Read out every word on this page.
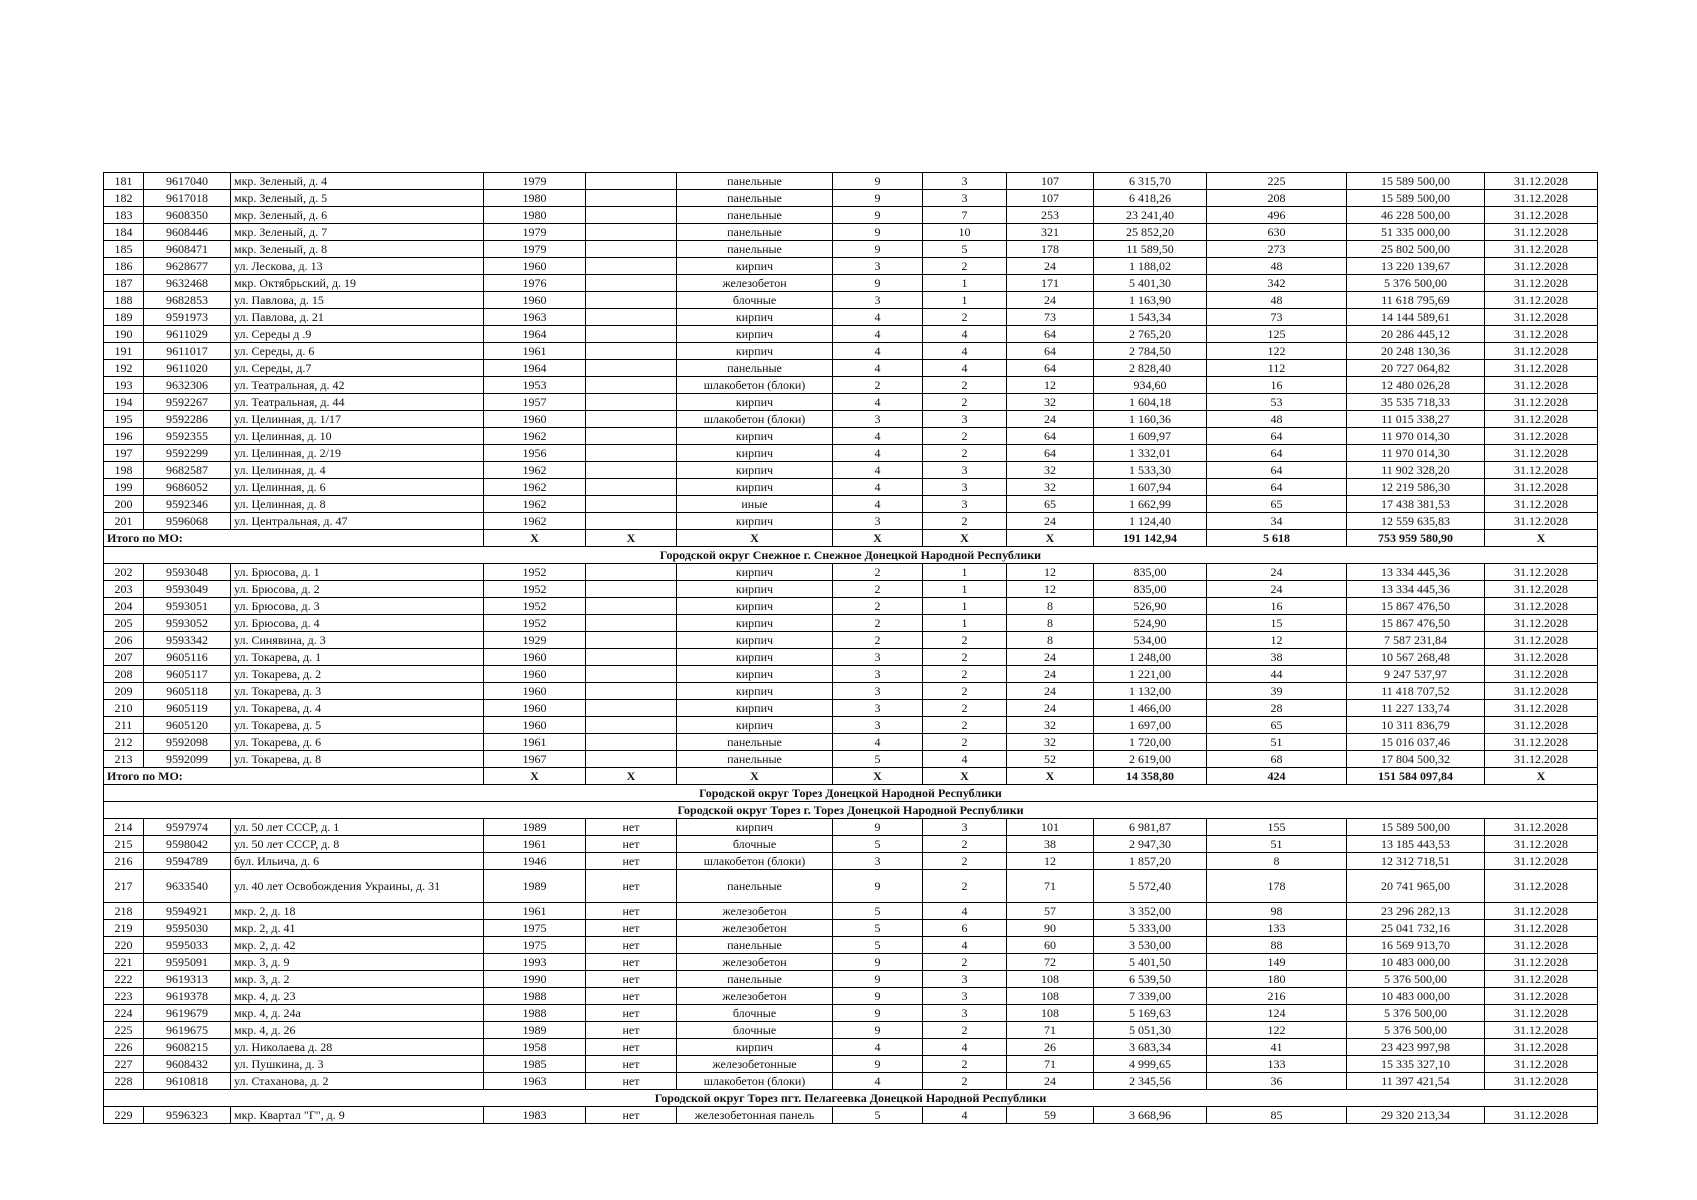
181	9617040	мкр. Зеленый, д. 4	1979		панельные	9	3	107	6 315,70	225	15 589 500,00	31.12.2028
182	9617018	мкр. Зеленый, д. 5	1980		панельные	9	3	107	6 418,26	208	15 589 500,00	31.12.2028
183	9608350	мкр. Зеленый, д. 6	1980		панельные	9	7	253	23 241,40	496	46 228 500,00	31.12.2028
184	9608446	мкр. Зеленый, д. 7	1979		панельные	9	10	321	25 852,20	630	51 335 000,00	31.12.2028
185	9608471	мкр. Зеленый, д. 8	1979		панельные	9	5	178	11 589,50	273	25 802 500,00	31.12.2028
186	9628677	ул. Лескова, д. 13	1960		кирпич	3	2	24	1 188,02	48	13 220 139,67	31.12.2028
187	9632468	мкр. Октябрьский, д. 19	1976		железобетон	9	1	171	5 401,30	342	5 376 500,00	31.12.2028
188	9682853	ул. Павлова, д. 15	1960		блочные	3	1	24	1 163,90	48	11 618 795,69	31.12.2028
189	9591973	ул. Павлова, д. 21	1963		кирпич	4	2	73	1 543,34	73	14 144 589,61	31.12.2028
190	9611029	ул. Середы д .9	1964		кирпич	4	4	64	2 765,20	125	20 286 445,12	31.12.2028
191	9611017	ул. Середы, д. 6	1961		кирпич	4	4	64	2 784,50	122	20 248 130,36	31.12.2028
192	9611020	ул. Середы, д.7	1964		панельные	4	4	64	2 828,40	112	20 727 064,82	31.12.2028
193	9632306	ул. Театральная, д. 42	1953		шлакобетон (блоки)	2	2	12	934,60	16	12 480 026,28	31.12.2028
194	9592267	ул. Театральная, д. 44	1957		кирпич	4	2	32	1 604,18	53	35 535 718,33	31.12.2028
195	9592286	ул. Целинная, д. 1/17	1960		шлакобетон (блоки)	3	3	24	1 160,36	48	11 015 338,27	31.12.2028
196	9592355	ул. Целинная, д. 10	1962		кирпич	4	2	64	1 609,97	64	11 970 014,30	31.12.2028
197	9592299	ул. Целинная, д. 2/19	1956		кирпич	4	2	64	1 332,01	64	11 970 014,30	31.12.2028
198	9682587	ул. Целинная, д. 4	1962		кирпич	4	3	32	1 533,30	64	11 902 328,20	31.12.2028
199	9686052	ул. Целинная, д. 6	1962		кирпич	4	3	32	1 607,94	64	12 219 586,30	31.12.2028
200	9592346	ул. Целинная, д. 8	1962		иные	4	3	65	1 662,99	65	17 438 381,53	31.12.2028
201	9596068	ул. Центральная, д. 47	1962		кирпич	3	2	24	1 124,40	34	12 559 635,83	31.12.2028
Итого по МО:			X	X	X	X	X	X	191 142,94	5 618	753 959 580,90	X
Городской округ Снежное г. Снежное Донецкой Народной Республики												
202	9593048	ул. Брюсова, д. 1	1952		кирпич	2	1	12	835,00	24	13 334 445,36	31.12.2028
203	9593049	ул. Брюсова, д. 2	1952		кирпич	2	1	12	835,00	24	13 334 445,36	31.12.2028
204	9593051	ул. Брюсова, д. 3	1952		кирпич	2	1	8	526,90	16	15 867 476,50	31.12.2028
205	9593052	ул. Брюсова, д. 4	1952		кирпич	2	1	8	524,90	15	15 867 476,50	31.12.2028
206	9593342	ул. Синявина, д. 3	1929		кирпич	2	2	8	534,00	12	7 587 231,84	31.12.2028
207	9605116	ул. Токарева, д. 1	1960		кирпич	3	2	24	1 248,00	38	10 567 268,48	31.12.2028
208	9605117	ул. Токарева, д. 2	1960		кирпич	3	2	24	1 221,00	44	9 247 537,97	31.12.2028
209	9605118	ул. Токарева, д. 3	1960		кирпич	3	2	24	1 132,00	39	11 418 707,52	31.12.2028
210	9605119	ул. Токарева, д. 4	1960		кирпич	3	2	24	1 466,00	28	11 227 133,74	31.12.2028
211	9605120	ул. Токарева, д. 5	1960		кирпич	3	2	32	1 697,00	65	10 311 836,79	31.12.2028
212	9592098	ул. Токарева, д. 6	1961		панельные	4	2	32	1 720,00	51	15 016 037,46	31.12.2028
213	9592099	ул. Токарева, д. 8	1967		панельные	5	4	52	2 619,00	68	17 804 500,32	31.12.2028
Итого по МО:			X	X	X	X	X	X	14 358,80	424	151 584 097,84	X
Городской округ Торез Донецкой Народной Республики												
Городской округ Торез г. Торез Донецкой Народной Республики												
214	9597974	ул. 50 лет СССР, д. 1	1989	нет	кирпич	9	3	101	6 981,87	155	15 589 500,00	31.12.2028
215	9598042	ул. 50 лет СССР, д. 8	1961	нет	блочные	5	2	38	2 947,30	51	13 185 443,53	31.12.2028
216	9594789	бул. Ильича, д. 6	1946	нет	шлакобетон (блоки)	3	2	12	1 857,20	8	12 312 718,51	31.12.2028
217	9633540	ул. 40 лет Освобождения Украины, д. 31	1989	нет	панельные	9	2	71	5 572,40	178	20 741 965,00	31.12.2028
218	9594921	мкр. 2, д. 18	1961	нет	железобетон	5	4	57	3 352,00	98	23 296 282,13	31.12.2028
219	9595030	мкр. 2, д. 41	1975	нет	железобетон	5	6	90	5 333,00	133	25 041 732,16	31.12.2028
220	9595033	мкр. 2, д. 42	1975	нет	панельные	5	4	60	3 530,00	88	16 569 913,70	31.12.2028
221	9595091	мкр. 3, д. 9	1993	нет	железобетон	9	2	72	5 401,50	149	10 483 000,00	31.12.2028
222	9619313	мкр. 3, д. 2	1990	нет	панельные	9	3	108	6 539,50	180	5 376 500,00	31.12.2028
223	9619378	мкр. 4, д. 23	1988	нет	железобетон	9	3	108	7 339,00	216	10 483 000,00	31.12.2028
224	9619679	мкр. 4, д. 24а	1988	нет	блочные	9	3	108	5 169,63	124	5 376 500,00	31.12.2028
225	9619675	мкр. 4, д. 26	1989	нет	блочные	9	2	71	5 051,30	122	5 376 500,00	31.12.2028
226	9608215	ул. Николаева д. 28	1958	нет	кирпич	4	4	26	3 683,34	41	23 423 997,98	31.12.2028
227	9608432	ул. Пушкина, д. 3	1985	нет	железобетонные	9	2	71	4 999,65	133	15 335 327,10	31.12.2028
228	9610818	ул. Стаханова, д. 2	1963	нет	шлакобетон (блоки)	4	2	24	2 345,56	36	11 397 421,54	31.12.2028
Городской округ Торез пгт. Пелагеевка Донецкой Народной Республики												
229	9596323	мкр. Квартал "Г", д. 9	1983	нет	железобетонная панель	5	4	59	3 668,96	85	29 320 213,34	31.12.2028
